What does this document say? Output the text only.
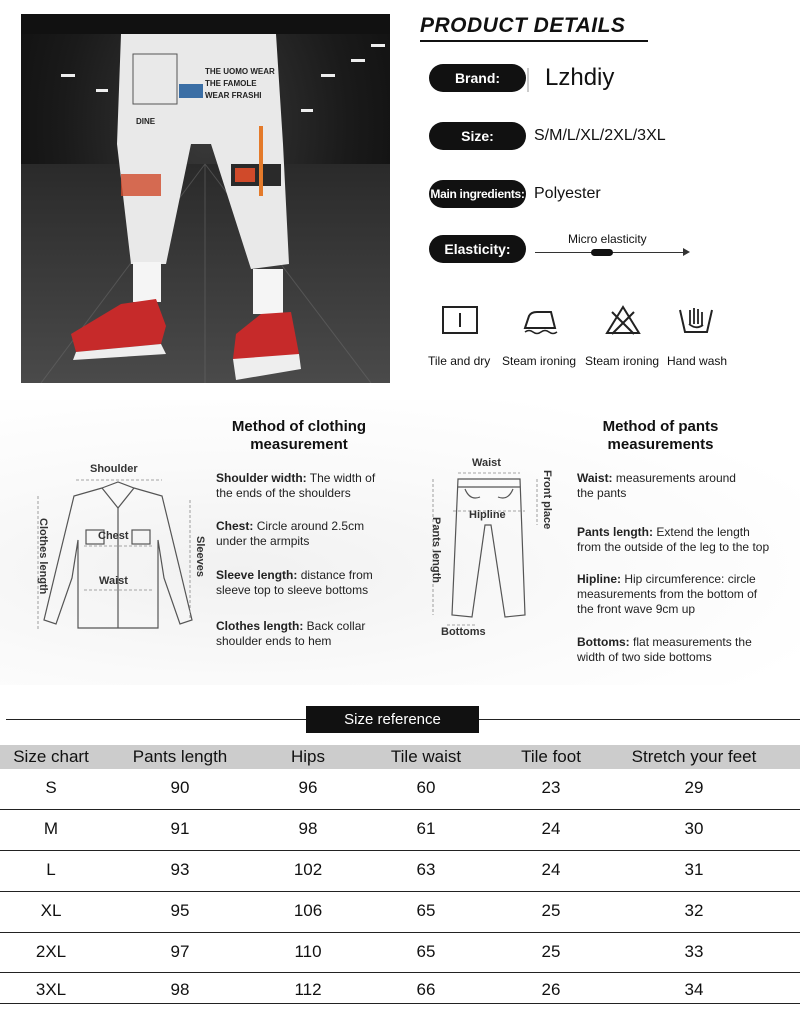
THE UOMO WEAR
THE FAMOLE
WEAR FRASHI
DINE
PRODUCT DETAILS
Brand:	Lzhdiy
Size:	S/M/L/XL/2XL/3XL
Main ingredients: Polyester
Elasticity:
Micro elasticity
Tile and dry Steam ironing Steam ironing Hand wash
Shoulder
Chest
Waist
Clothes length	Sleeves
Method of clothing
measurement
Shoulder width: The width of the ends of the shoulders
Chest: Circle around 2.5cm under the armpits
Sleeve length: distance from sleeve top to sleeve bottoms
Clothes length: Back collar shoulder ends to hem
Waist
Hipline
Pants length
Front place
Bottoms
Method of pants
measurements
Waist: measurements around the pants
Pants length: Extend the length from the outside of the leg to the top
Hipline: Hip circumference: circle measurements from the bottom of the front wave 9cm up
Bottoms: flat measurements the width of two side bottoms
Size reference
Size chart	Pants length	Hips	Tile waist	Tile foot	Stretch your feet
S	90	96	60	23	29
M	91	98	61	24	30
L	93	102	63	24	31
XL	95	106	65	25	32
2XL	97	110	65	25	33
3XL	98	112	66	26	34
